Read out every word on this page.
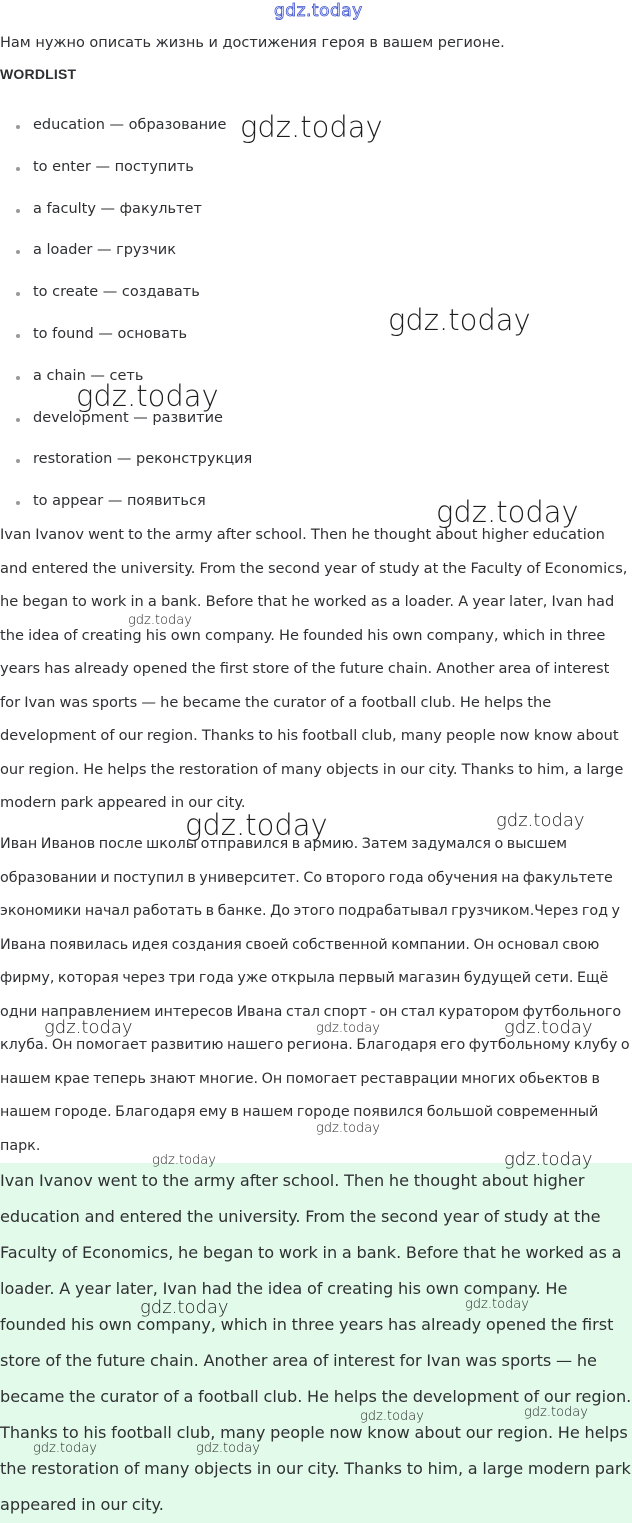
gdz.today
Нам нужно описать жизнь и достижения героя в вашем регионе.
WORDLIST
education — образование
to enter — поступить
a faculty — факультет
a loader — грузчик
to create — создавать
to found — основать
a chain — сеть
development — развитие
restoration — реконструкция
to appear — появиться

Ivan Ivanov went to the army after school. Then he thought about higher education and entered the university. From the second year of study at the Faculty of Economics, he began to work in a bank. Before that he worked as a loader. A year later, Ivan had the idea of creating his own company. He founded his own company, which in three years has already opened the first store of the future chain. Another area of interest for Ivan was sports — he became the curator of a football club. He helps the development of our region. Thanks to his football club, many people now know about our region. He helps the restoration of many objects in our city. Thanks to him, a large modern park appeared in our city.

Иван Иванов после школы отправился в армию. Затем задумался о высшем образовании и поступил в университет. Со второго года обучения на факультете экономики начал работать в банке. До этого подрабатывал грузчиком.Через год у Ивана появилась идея создания своей собственной компании. Он основал свою фирму, которая через три года уже открыла первый магазин будущей сети. Ещё одни направлением интересов Ивана стал спорт - он стал куратором футбольного клуба. Он помогает развитию нашего региона. Благодаря его футбольному клубу о нашем крае теперь знают многие. Он помогает реставрации многих обьектов в нашем городе. Благодаря ему в нашем городе появился большой современный парк.

Ivan Ivanov went to the army after school. Then he thought about higher education and entered the university. From the second year of study at the Faculty of Economics, he began to work in a bank. Before that he worked as a loader. A year later, Ivan had the idea of creating his own company. He founded his own company, which in three years has already opened the first store of the future chain. Another area of interest for Ivan was sports — he became the curator of a football club. He helps the development of our region. Thanks to his football club, many people now know about our region. He helps the restoration of many objects in our city. Thanks to him, a large modern park appeared in our city.

gdz.today
gdz.today
gdz.today
gdz.today
gdz.today	gdz.today
gdz.today	gdz.today	gdz.today
gdz.today
gdz.today	gdz.today
gdz.today	gdz.today
gdz.today	gdz.today
gdz.today	gdz.today
gdz.today
